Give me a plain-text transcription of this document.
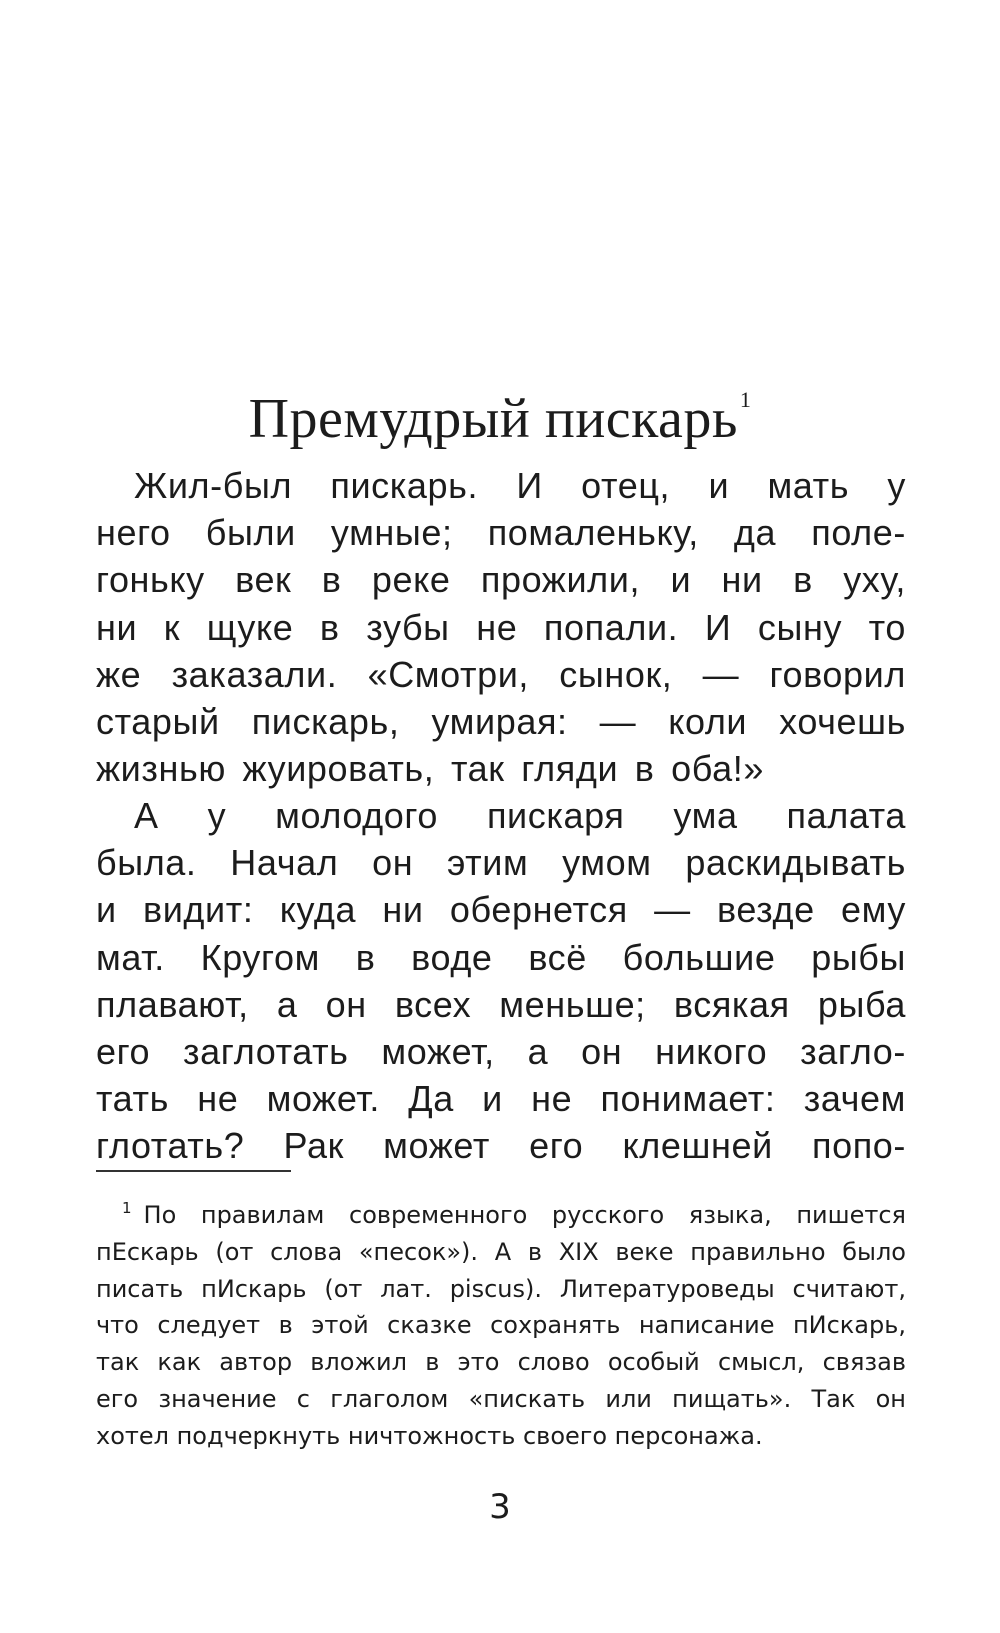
Премудрый пискарь$^1$
Жил-был пискарь. И отец, и мать у
него были умные; помаленьку, да поле-
гоньку век в реке прожили, и ни в уху,
ни к щуке в зубы не попали. И сыну то
же заказали. «Смотри, сынок, — говорил
старый пискарь, умирая: — коли хочешь
жизнью жуировать, так гляди в оба!»
А у молодого пискаря ума палата
была. Начал он этим умом раскидывать
и видит: куда ни обернется — везде ему
мат. Кругом в воде всё большие рыбы
плавают, а он всех меньше; всякая рыба
его заглотать может, а он никого загло-
тать не может. Да и не понимает: зачем
глотать? Рак может его клешней попо-
$^1$ По правилам современного русского языка, пишется
пЕскарь (от слова «песок»). А в XIX веке правильно было
писать пИскарь (от лат. piscus). Литературоведы считают,
что следует в этой сказке сохранять написание пИскарь,
так как автор вложил в это слово особый смысл, связав
его значение с глаголом «пискать или пищать». Так он
хотел подчеркнуть ничтожность своего персонажа.
3
